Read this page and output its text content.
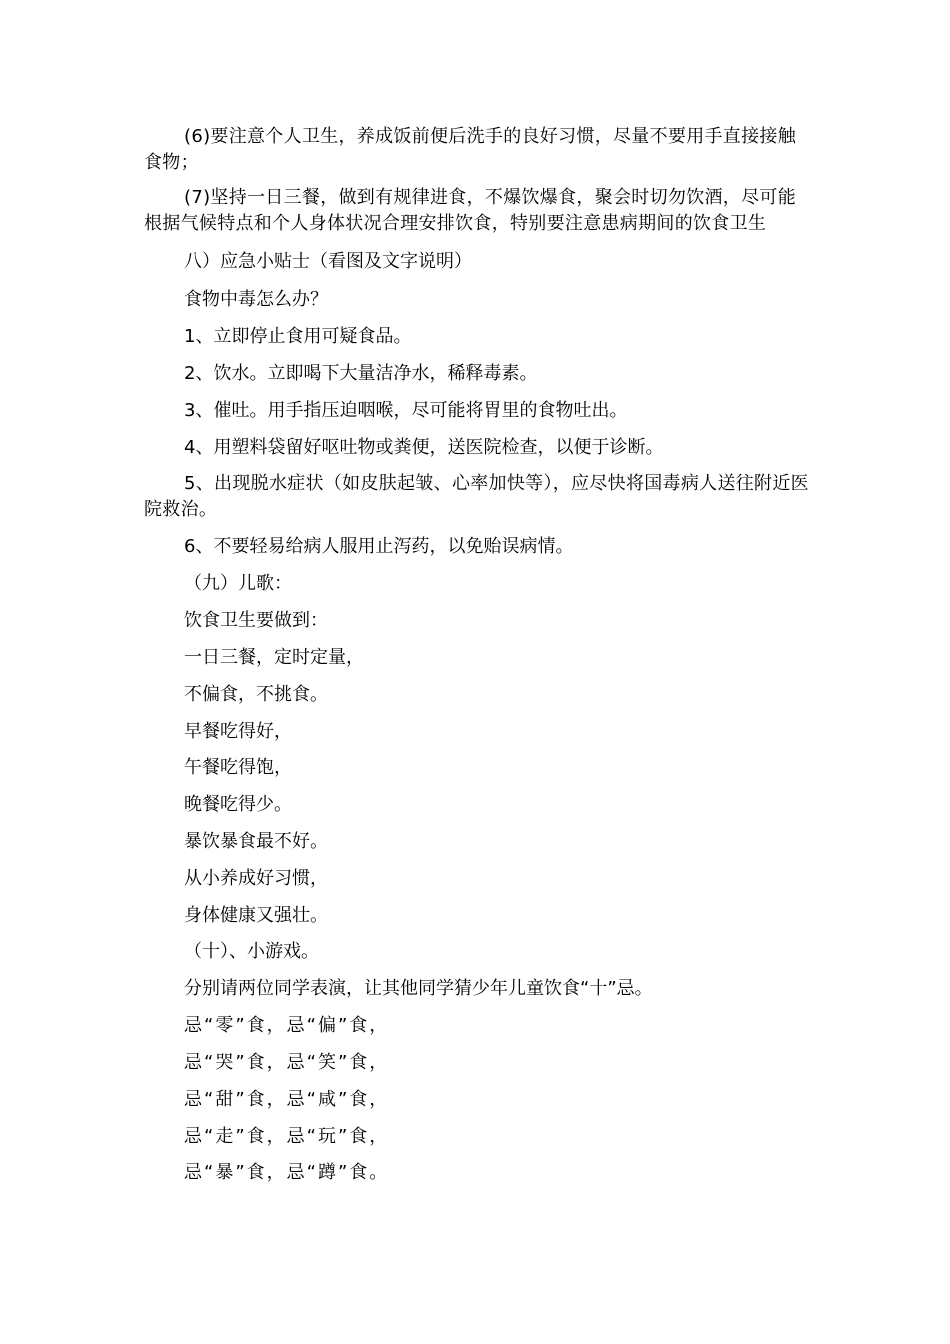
(6)要注意个人卫生，养成饭前便后洗手的良好习惯，尽量不要用手直接接触食物；

(7)坚持一日三餐，做到有规律进食，不爆饮爆食，聚会时切勿饮酒，尽可能根据气候特点和个人身体状况合理安排饮食，特别要注意患病期间的饮食卫生

八）应急小贴士（看图及文字说明）

食物中毒怎么办？

1、立即停止食用可疑食品。

2、饮水。立即喝下大量洁净水，稀释毒素。

3、催吐。用手指压迫咽喉，尽可能将胃里的食物吐出。

4、用塑料袋留好呕吐物或粪便，送医院检查，以便于诊断。

5、出现脱水症状（如皮肤起皱、心率加快等），应尽快将国毒病人送往附近医院救治。

6、不要轻易给病人服用止泻药，以免贻误病情。

（九）儿歌：

饮食卫生要做到：

一日三餐，定时定量，

不偏食，不挑食。

早餐吃得好，

午餐吃得饱，

晚餐吃得少。

暴饮暴食最不好。

从小养成好习惯，

身体健康又强壮。

（十）、小游戏。

分别请两位同学表演，让其他同学猜少年儿童饮食“十”忌。

忌“零”食，忌“偏”食，

忌“哭”食，忌“笑”食，

忌“甜”食，忌“咸”食，

忌“走”食，忌“玩”食，

忌“暴”食，忌“蹲”食。
